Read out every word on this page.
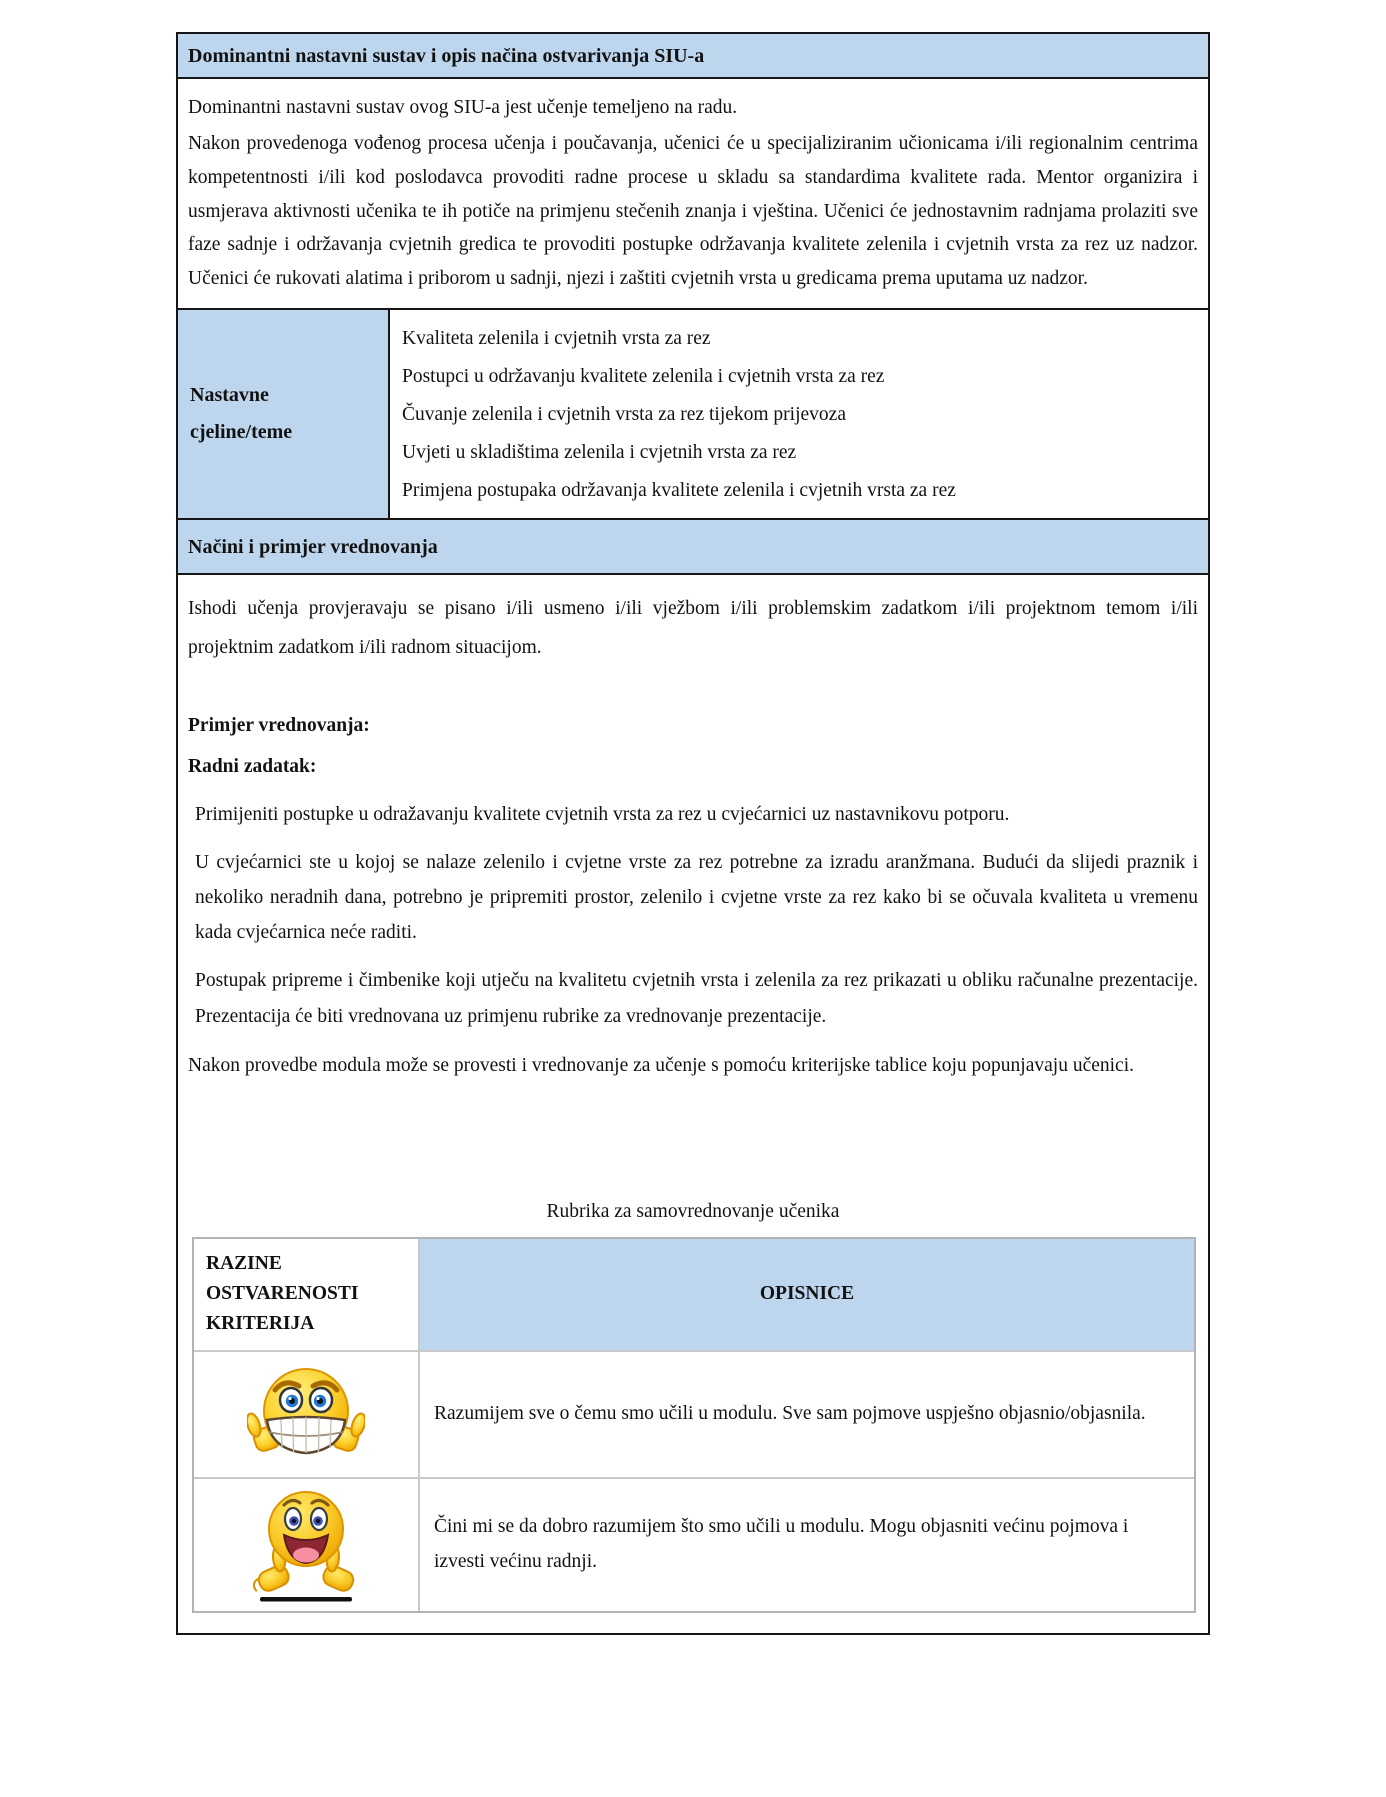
Dominantni nastavni sustav i opis načina ostvarivanja SIU-a

Dominantni nastavni sustav ovog SIU-a jest učenje temeljeno na radu.

Nakon provedenoga vođenog procesa učenja i poučavanja, učenici će u specijaliziranim učionicama i/ili regionalnim centrima kompetentnosti i/ili kod poslodavca provoditi radne procese u skladu sa standardima kvalitete rada. Mentor organizira i usmjerava aktivnosti učenika te ih potiče na primjenu stečenih znanja i vještina. Učenici će jednostavnim radnjama prolaziti sve faze sadnje i održavanja cvjetnih gredica te provoditi postupke održavanja kvalitete zelenila i cvjetnih vrsta za rez uz nadzor. Učenici će rukovati alatima i priborom u sadnji, njezi i zaštiti cvjetnih vrsta u gredicama prema uputama uz nadzor.

Nastavne cjeline/teme
Kvaliteta zelenila i cvjetnih vrsta za rez
Postupci u održavanju kvalitete zelenila i cvjetnih vrsta za rez
Čuvanje zelenila i cvjetnih vrsta za rez tijekom prijevoza
Uvjeti u skladištima zelenila i cvjetnih vrsta za rez
Primjena postupaka održavanja kvalitete zelenila i cvjetnih vrsta za rez
Načini i primjer vrednovanja

Ishodi učenja provjeravaju se pisano i/ili usmeno i/ili vježbom i/ili problemskim zadatkom i/ili projektnom temom i/ili projektnim zadatkom i/ili radnom situacijom.

Primjer vrednovanja:

Radni zadatak:

Primijeniti postupke u odražavanju kvalitete cvjetnih vrsta za rez u cvjećarnici uz nastavnikovu potporu.

U cvjećarnici ste u kojoj se nalaze zelenilo i cvjetne vrste za rez potrebne za izradu aranžmana. Budući da slijedi praznik i nekoliko neradnih dana, potrebno je pripremiti prostor, zelenilo i cvjetne vrste za rez kako bi se očuvala kvaliteta u vremenu kada cvjećarnica neće raditi.

Postupak pripreme i čimbenike koji utječu na kvalitetu cvjetnih vrsta i zelenila za rez prikazati u obliku računalne prezentacije. Prezentacija će biti vrednovana uz primjenu rubrike za vrednovanje prezentacije.

Nakon provedbe modula može se provesti i vrednovanje za učenje s pomoću kriterijske tablice koju popunjavaju učenici.

Rubrika za samovrednovanje učenika

RAZINE OSTVARENOSTI KRITERIJA
OPISNICE
Razumijem sve o čemu smo učili u modulu. Sve sam pojmove uspješno objasnio/objasnila.
Čini mi se da dobro razumijem što smo učili u modulu. Mogu objasniti većinu pojmova i izvesti većinu radnji.
